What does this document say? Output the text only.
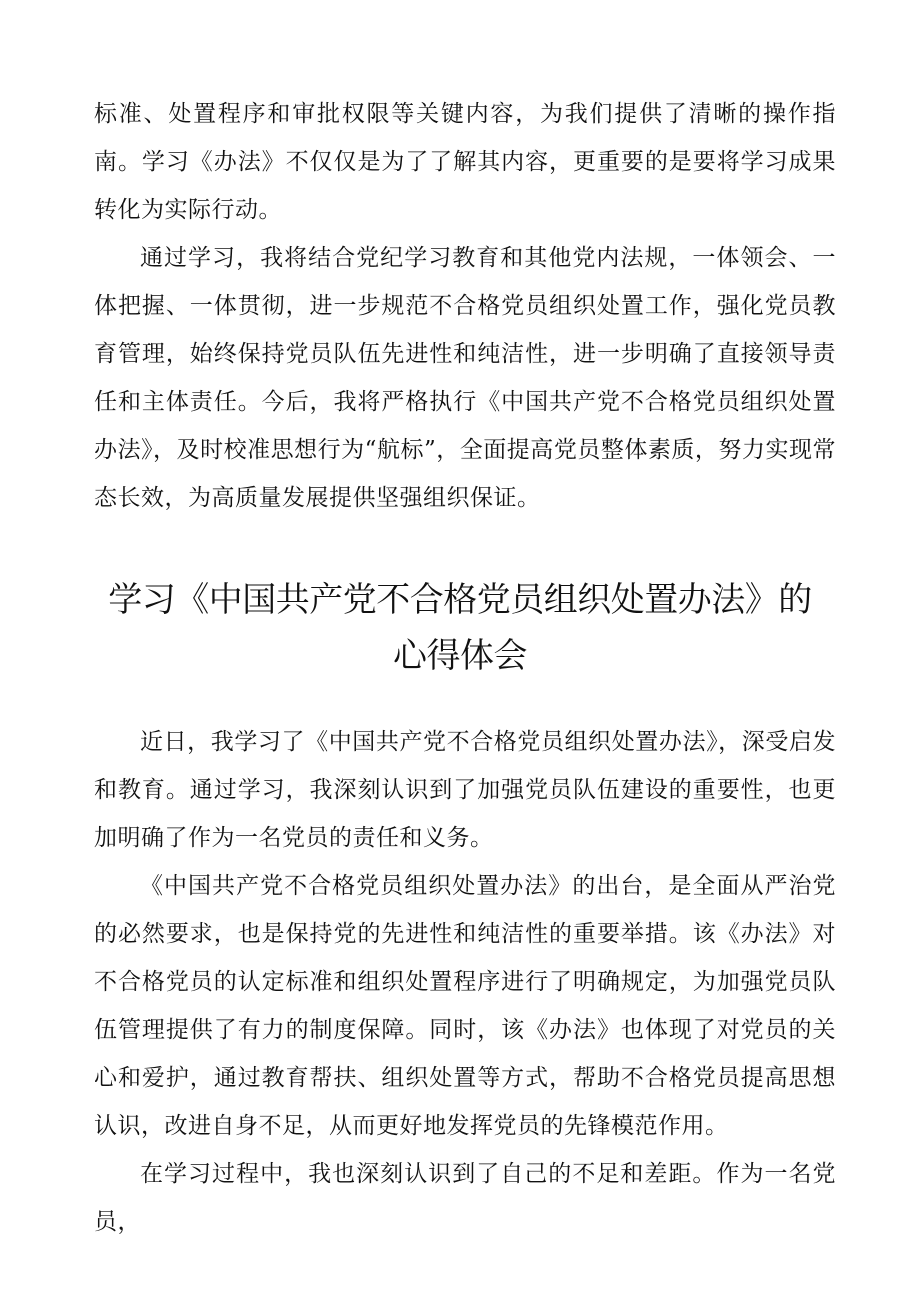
标准、处置程序和审批权限等关键内容，为我们提供了清晰的操作指南。学习《办法》不仅仅是为了了解其内容，更重要的是要将学习成果转化为实际行动。

通过学习，我将结合党纪学习教育和其他党内法规，一体领会、一体把握、一体贯彻，进一步规范不合格党员组织处置工作，强化党员教育管理，始终保持党员队伍先进性和纯洁性，进一步明确了直接领导责任和主体责任。今后，我将严格执行《中国共产党不合格党员组织处置办法》，及时校准思想行为“航标”，全面提高党员整体素质，努力实现常态长效，为高质量发展提供坚强组织保证。

学习《中国共产党不合格党员组织处置办法》的
心得体会

近日，我学习了《中国共产党不合格党员组织处置办法》，深受启发和教育。通过学习，我深刻认识到了加强党员队伍建设的重要性，也更加明确了作为一名党员的责任和义务。

《中国共产党不合格党员组织处置办法》的出台，是全面从严治党的必然要求，也是保持党的先进性和纯洁性的重要举措。该《办法》对不合格党员的认定标准和组织处置程序进行了明确规定，为加强党员队伍管理提供了有力的制度保障。同时，该《办法》也体现了对党员的关心和爱护，通过教育帮扶、组织处置等方式，帮助不合格党员提高思想认识，改进自身不足，从而更好地发挥党员的先锋模范作用。

在学习过程中，我也深刻认识到了自己的不足和差距。作为一名党员，
